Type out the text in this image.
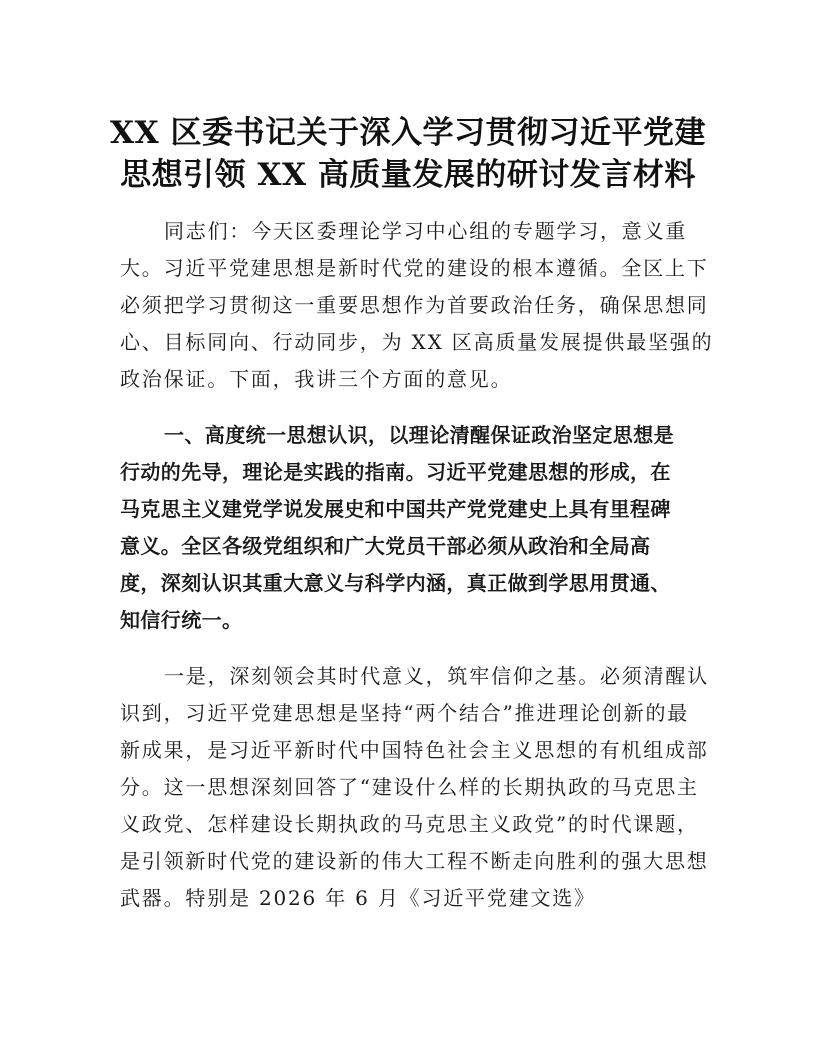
XX 区委书记关于深入学习贯彻习近平党建
思想引领 XX 高质量发展的研讨发言材料
同志们：今天区委理论学习中心组的专题学习，意义重
大。习近平党建思想是新时代党的建设的根本遵循。全区上下
必须把学习贯彻这一重要思想作为首要政治任务，确保思想同
心、目标同向、行动同步，为 XX 区高质量发展提供最坚强的
政治保证。下面，我讲三个方面的意见。
一、高度统一思想认识，以理论清醒保证政治坚定思想是
行动的先导，理论是实践的指南。习近平党建思想的形成，在
马克思主义建党学说发展史和中国共产党党建史上具有里程碑
意义。全区各级党组织和广大党员干部必须从政治和全局高
度，深刻认识其重大意义与科学内涵，真正做到学思用贯通、
知信行统一。
一是，深刻领会其时代意义，筑牢信仰之基。必须清醒认
识到，习近平党建思想是坚持“两个结合”推进理论创新的最
新成果，是习近平新时代中国特色社会主义思想的有机组成部
分。这一思想深刻回答了“建设什么样的长期执政的马克思主
义政党、怎样建设长期执政的马克思主义政党”的时代课题，
是引领新时代党的建设新的伟大工程不断走向胜利的强大思想
武器。特别是 2026 年 6 月《习近平党建文选》
